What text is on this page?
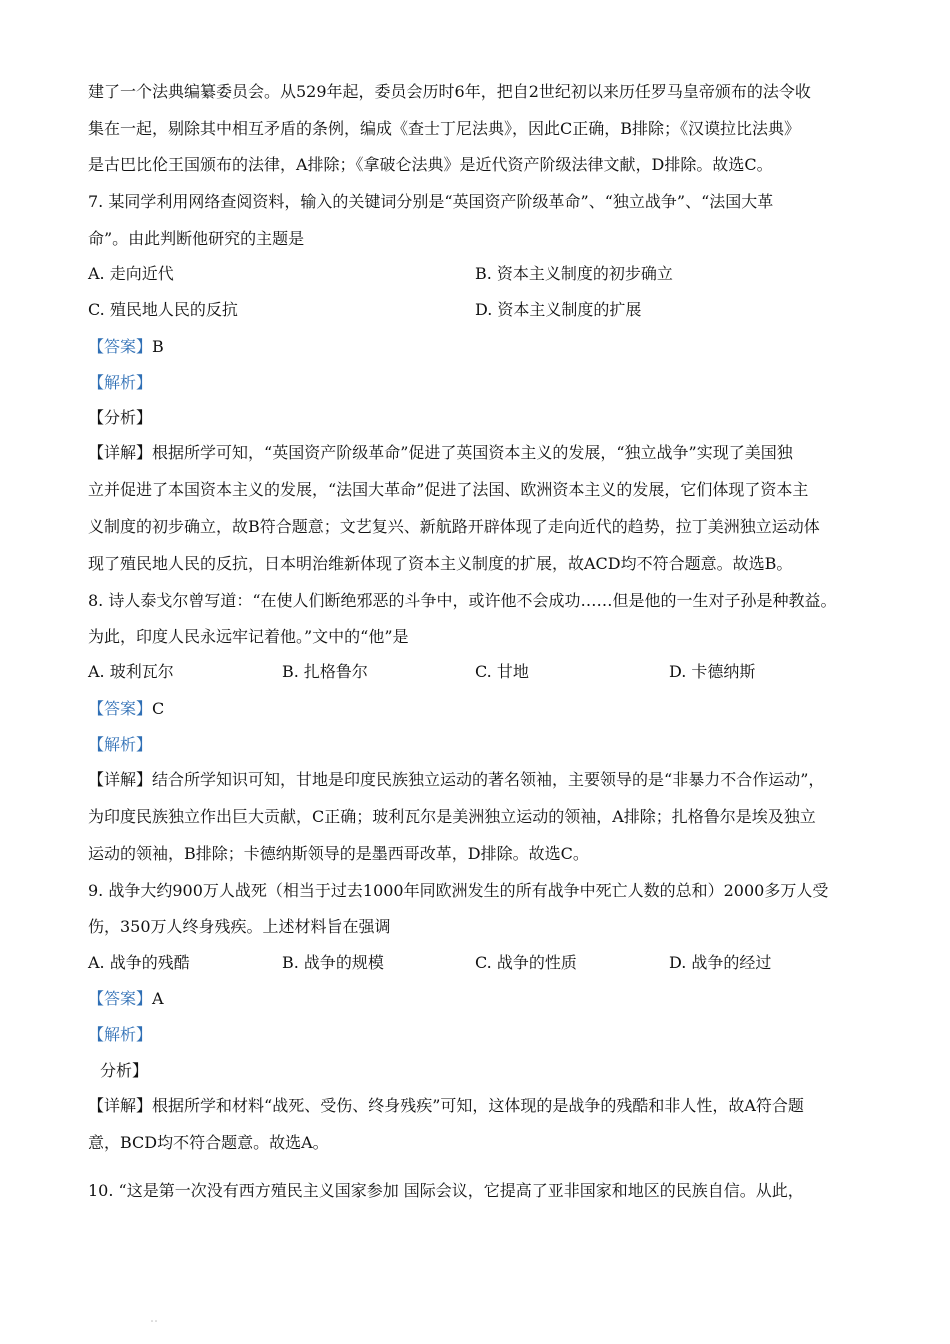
建了一个法典编纂委员会。从529年起，委员会历时6年，把自2世纪初以来历任罗马皇帝颁布的法令收
集在一起，剔除其中相互矛盾的条例，编成《查士丁尼法典》，因此C正确，B排除；《汉谟拉比法典》
是古巴比伦王国颁布的法律，A排除；《拿破仑法典》是近代资产阶级法律文献，D排除。故选C。
7. 某同学利用网络查阅资料，输入的关键词分别是“英国资产阶级革命”、“独立战争”、“法国大革
命”。由此判断他研究的主题是
A. 走向近代	B. 资本主义制度的初步确立
C. 殖民地人民的反抗	D. 资本主义制度的扩展
【答案】B
【解析】
【分析】
【详解】根据所学可知，“英国资产阶级革命”促进了英国资本主义的发展，“独立战争”实现了美国独
立并促进了本国资本主义的发展，“法国大革命”促进了法国、欧洲资本主义的发展，它们体现了资本主
义制度的初步确立，故B符合题意；文艺复兴、新航路开辟体现了走向近代的趋势，拉丁美洲独立运动体
现了殖民地人民的反抗，日本明治维新体现了资本主义制度的扩展，故ACD均不符合题意。故选B。
8. 诗人泰戈尔曾写道：“在使人们断绝邪恶的斗争中，或许他不会成功……但是他的一生对子孙是种教益。
为此，印度人民永远牢记着他。”文中的“他”是
A. 玻利瓦尔	B. 扎格鲁尔	C. 甘地	D. 卡德纳斯
【答案】C
【解析】
【详解】结合所学知识可知，甘地是印度民族独立运动的著名领袖，主要领导的是“非暴力不合作运动”，
为印度民族独立作出巨大贡献，C正确；玻利瓦尔是美洲独立运动的领袖，A排除；扎格鲁尔是埃及独立
运动的领袖，B排除；卡德纳斯领导的是墨西哥改革，D排除。故选C。
9. 战争大约900万人战死（相当于过去1000年同欧洲发生的所有战争中死亡人数的总和）2000多万人受
伤，350万人终身残疾。上述材料旨在强调
A. 战争的残酷	B. 战争的规模	C. 战争的性质	D. 战争的经过
【答案】A
【解析】
分析】
【详解】根据所学和材料“战死、受伤、终身残疾”可知，这体现的是战争的残酷和非人性，故A符合题
意，BCD均不符合题意。故选A。
10. “这是第一次没有西方殖民主义国家参加 国际会议，它提高了亚非国家和地区的民族自信。从此，
